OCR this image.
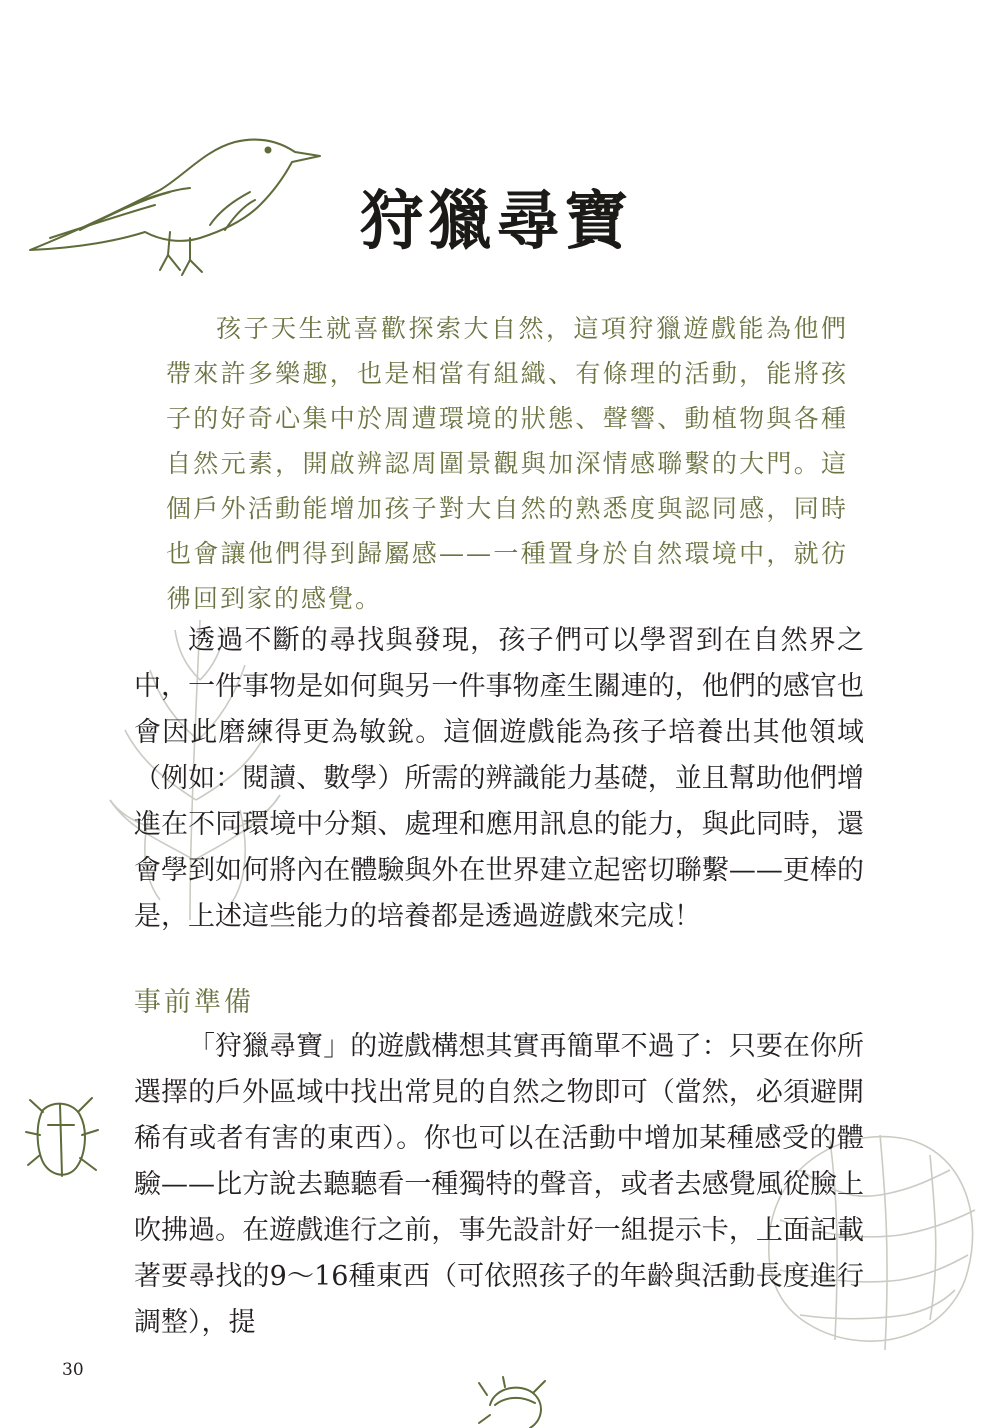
狩獵尋寶

孩子天生就喜歡探索大自然，這項狩獵遊戲能為他們帶來許多樂趣，也是相當有組織、有條理的活動，能將孩子的好奇心集中於周遭環境的狀態、聲響、動植物與各種自然元素，開啟辨認周圍景觀與加深情感聯繫的大門。這個戶外活動能增加孩子對大自然的熟悉度與認同感，同時也會讓他們得到歸屬感——一種置身於自然環境中，就彷彿回到家的感覺。

透過不斷的尋找與發現，孩子們可以學習到在自然界之中，一件事物是如何與另一件事物產生關連的，他們的感官也會因此磨練得更為敏銳。這個遊戲能為孩子培養出其他領域（例如：閱讀、數學）所需的辨識能力基礎，並且幫助他們增進在不同環境中分類、處理和應用訊息的能力，與此同時，還會學到如何將內在體驗與外在世界建立起密切聯繫——更棒的是，上述這些能力的培養都是透過遊戲來完成！

事前準備

「狩獵尋寶」的遊戲構想其實再簡單不過了：只要在你所選擇的戶外區域中找出常見的自然之物即可（當然，必須避開稀有或者有害的東西）。你也可以在活動中增加某種感受的體驗——比方說去聽聽看一種獨特的聲音，或者去感覺風從臉上吹拂過。在遊戲進行之前，事先設計好一組提示卡，上面記載著要尋找的9～16種東西（可依照孩子的年齡與活動長度進行調整），提

30
